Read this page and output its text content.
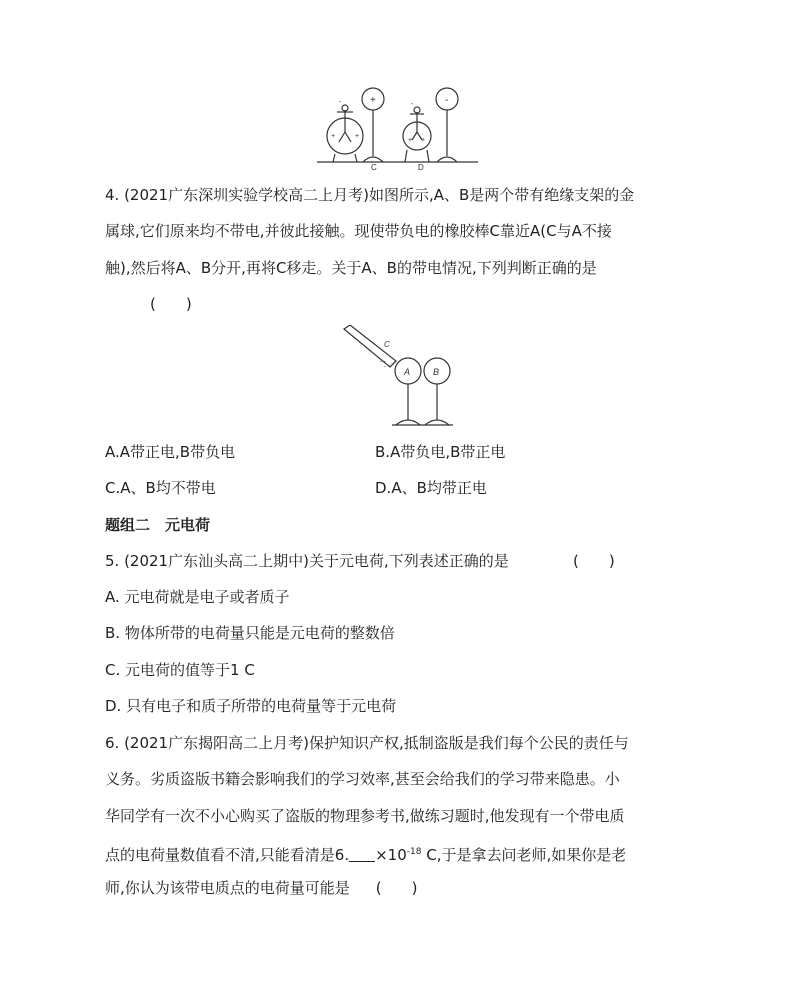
+	-
C	D
+	+
+ +
-	-
4. (2021广东深圳实验学校高二上月考)如图所示,A、B是两个带有绝缘支架的金
属球,它们原来均不带电,并彼此接触。现使带负电的橡胶棒C靠近A(C与A不接
触),然后将A、B分开,再将C移走。关于A、B的带电情况,下列判断正确的是
(　　)
C
A	B
- -
- -
A.A带正电,B带负电	B.A带负电,B带正电
C.A、B均不带电	D.A、B均带正电
题组二　元电荷
5. (2021广东汕头高二上期中)关于元电荷,下列表述正确的是	(　　)
A. 元电荷就是电子或者质子
B. 物体所带的电荷量只能是元电荷的整数倍
C. 元电荷的值等于1 C
D. 只有电子和质子所带的电荷量等于元电荷
6. (2021广东揭阳高二上月考)保护知识产权,抵制盗版是我们每个公民的责任与
义务。劣质盗版书籍会影响我们的学习效率,甚至会给我们的学习带来隐患。小
华同学有一次不小心购买了盗版的物理参考书,做练习题时,他发现有一个带电质
点的电荷量数值看不清,只能看清是6. $\times 10^{-18}$ C,于是拿去问老师,如果你是老
师,你认为该带电质点的电荷量可能是 (　　)
